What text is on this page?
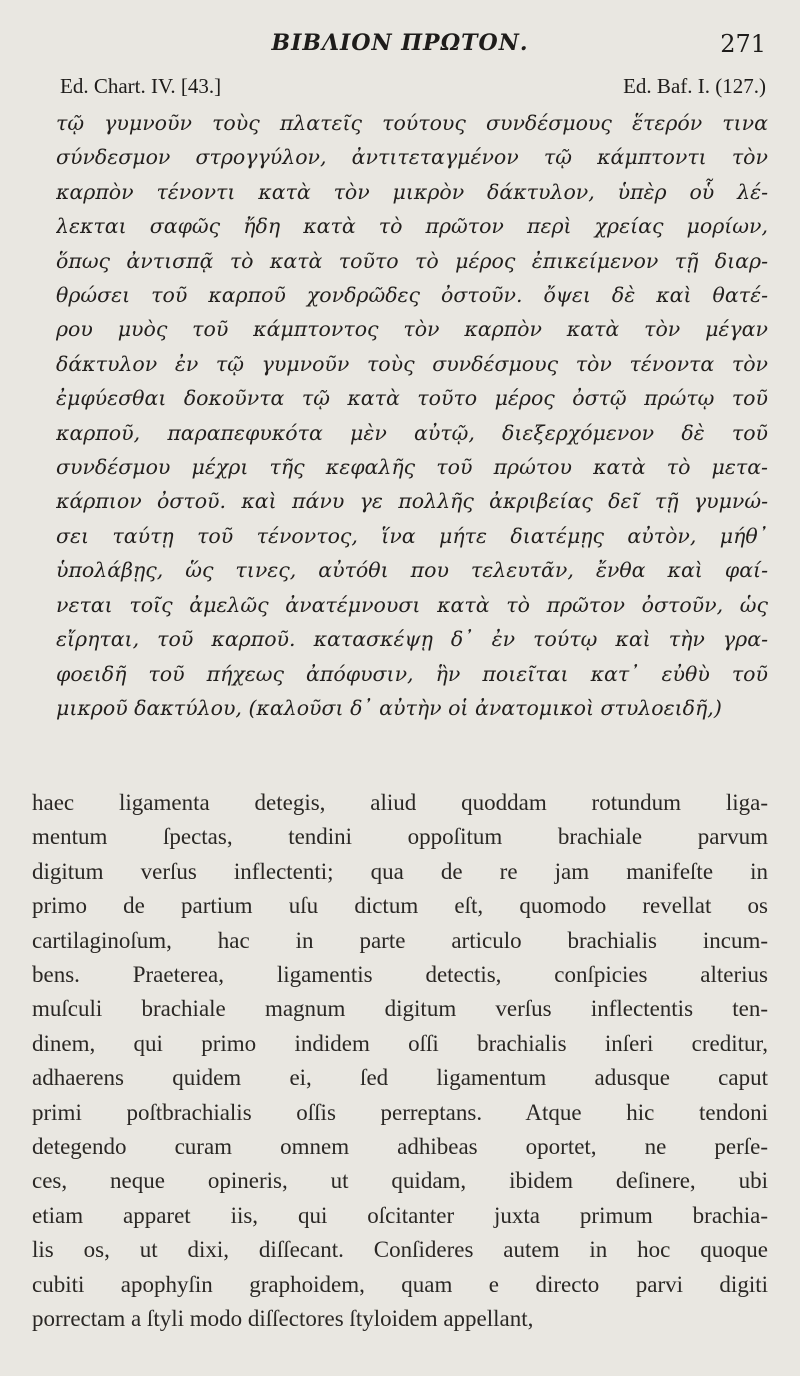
ΒΙΒΛΙΟΝ ΠΡΩΤΟΝ.	271
Ed. Chart. IV. [43.]	Ed. Baf. I. (127.)
τῷ γυμνοῦν τοὺς πλατεῖς τούτους συνδέσμους ἕτερόν τινα
σύνδεσμον στρογγύλον, ἀντιτεταγμένον τῷ κάμπτοντι τὸν
καρπὸν τένοντι κατὰ τὸν μικρὸν δάκτυλον, ὑπὲρ οὗ λέ-
λεκται σαφῶς ἤδη κατὰ τὸ πρῶτον περὶ χρείας μορίων,
ὅπως ἀντισπᾷ τὸ κατὰ τοῦτο τὸ μέρος ἐπικείμενον τῇ διαρ-
θρώσει τοῦ καρποῦ χονδρῶδες ὀστοῦν. ὄψει δὲ καὶ θατέ-
ρου μυὸς τοῦ κάμπτοντος τὸν καρπὸν κατὰ τὸν μέγαν
δάκτυλον ἐν τῷ γυμνοῦν τοὺς συνδέσμους τὸν τένοντα τὸν
ἐμφύεσθαι δοκοῦντα τῷ κατὰ τοῦτο μέρος ὀστῷ πρώτῳ τοῦ
καρποῦ, παραπεφυκότα μὲν αὐτῷ, διεξερχόμενον δὲ τοῦ
συνδέσμου μέχρι τῆς κεφαλῆς τοῦ πρώτου κατὰ τὸ μετα-
κάρπιον ὀστοῦ. καὶ πάνυ γε πολλῆς ἀκριβείας δεῖ τῇ γυμνώ-
σει ταύτῃ τοῦ τένοντος, ἵνα μήτε διατέμῃς αὐτὸν, μήθ᾽
ὑπολάβῃς, ὥς τινες, αὐτόθι που τελευτᾶν, ἔνθα καὶ φαί-
νεται τοῖς ἀμελῶς ἀνατέμνουσι κατὰ τὸ πρῶτον ὀστοῦν, ὡς
εἴρηται, τοῦ καρποῦ. κατασκέψῃ δ᾽ ἐν τούτῳ καὶ τὴν γρα-
φοειδῆ τοῦ πήχεως ἀπόφυσιν, ἣν ποιεῖται κατ᾽ εὐθὺ τοῦ
μικροῦ δακτύλου, (καλοῦσι δ᾽ αὐτὴν οἱ ἀνατομικοὶ στυλοειδῆ,)
haec ligamenta detegis, aliud quoddam rotundum liga-
mentum ſpectas, tendini oppoſitum brachiale parvum
digitum verſus inflectenti; qua de re jam manifeſte in
primo de partium uſu dictum eſt, quomodo revellat os
cartilaginoſum, hac in parte articulo brachialis incum-
bens. Praeterea, ligamentis detectis, conſpicies alterius
muſculi brachiale magnum digitum verſus inflectentis ten-
dinem, qui primo indidem oſſi brachialis inſeri creditur,
adhaerens quidem ei, ſed ligamentum adusque caput
primi poſtbrachialis oſſis perreptans. Atque hic tendoni
detegendo curam omnem adhibeas oportet, ne perſe-
ces, neque opineris, ut quidam, ibidem deſinere, ubi
etiam apparet iis, qui oſcitanter juxta primum brachia-
lis os, ut dixi, diſſecant. Conſideres autem in hoc quoque
cubiti apophyſin graphoidem, quam e directo parvi digiti
porrectam a ſtyli modo diſſectores ſtyloidem appellant,
